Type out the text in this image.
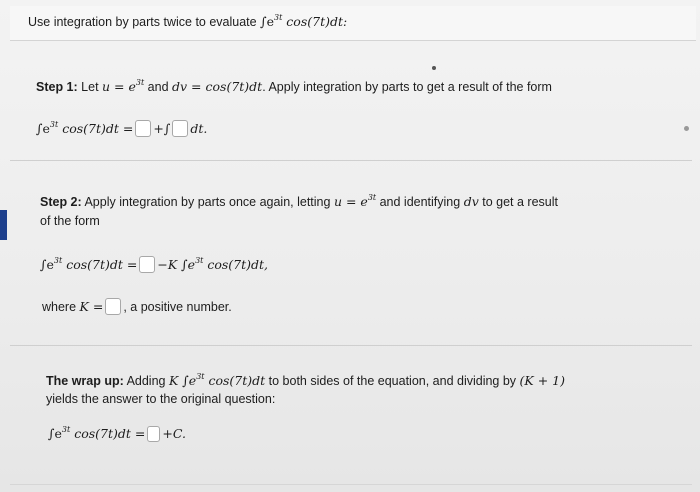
Use integration by parts twice to evaluate $\int e^{3t}$ cos(7t)dt:
Step 1: Let $u = e^{3t}$ and dv = cos(7t)dt. Apply integration by parts to get a result of the form
$\int e^{3t}$ cos(7t)dt = +∫ dt.
Step 2: Apply integration by parts once again, letting $u = e^{3t}$ and identifying dv to get a result
of the form
$\int e^{3t}$ cos(7t)dt = −K $\int e^{3t}$ cos(7t)dt,
where K = , a positive number.
The wrap up: Adding K $\int e^{3t}$ cos(7t)dt to both sides of the equation, and dividing by (K + 1)
yields the answer to the original question:
$\int e^{3t}$ cos(7t)dt = +C.
